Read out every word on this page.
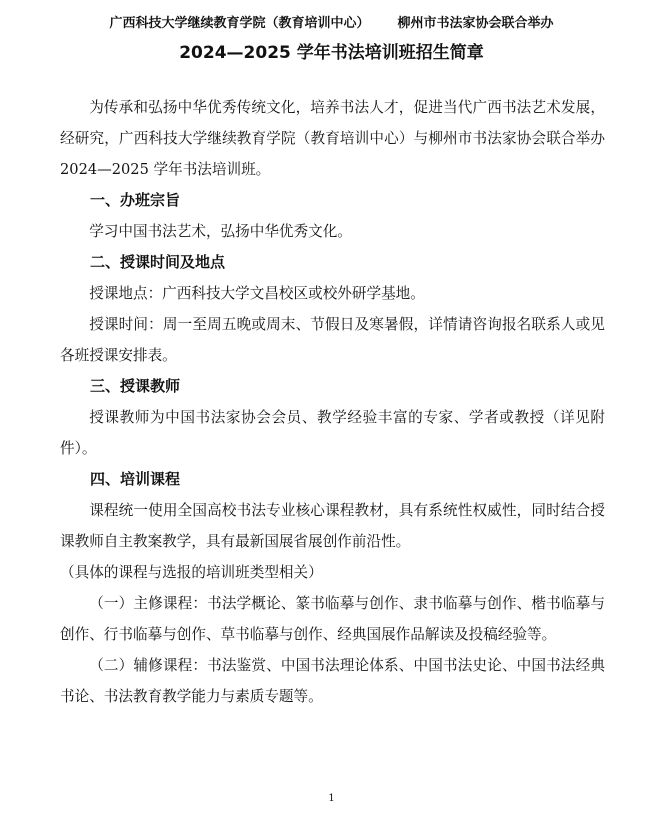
广西科技大学继续教育学院（教育培训中心） 柳州市书法家协会联合举办
2024—2025 学年书法培训班招生简章

为传承和弘扬中华优秀传统文化，培养书法人才，促进当代广西书法艺术发展，经研究，广西科技大学继续教育学院（教育培训中心）与柳州市书法家协会联合举办 2024—2025 学年书法培训班。

一、办班宗旨

学习中国书法艺术，弘扬中华优秀文化。

二、授课时间及地点

授课地点：广西科技大学文昌校区或校外研学基地。

授课时间：周一至周五晚或周末、节假日及寒暑假，详情请咨询报名联系人或见各班授课安排表。

三、授课教师

授课教师为中国书法家协会会员、教学经验丰富的专家、学者或教授（详见附件）。

四、培训课程

课程统一使用全国高校书法专业核心课程教材，具有系统性权威性，同时结合授课教师自主教案教学，具有最新国展省展创作前沿性。

（具体的课程与选报的培训班类型相关）

（一）主修课程：书法学概论、篆书临摹与创作、隶书临摹与创作、楷书临摹与创作、行书临摹与创作、草书临摹与创作、经典国展作品解读及投稿经验等。

（二）辅修课程：书法鉴赏、中国书法理论体系、中国书法史论、中国书法经典书论、书法教育教学能力与素质专题等。

1
